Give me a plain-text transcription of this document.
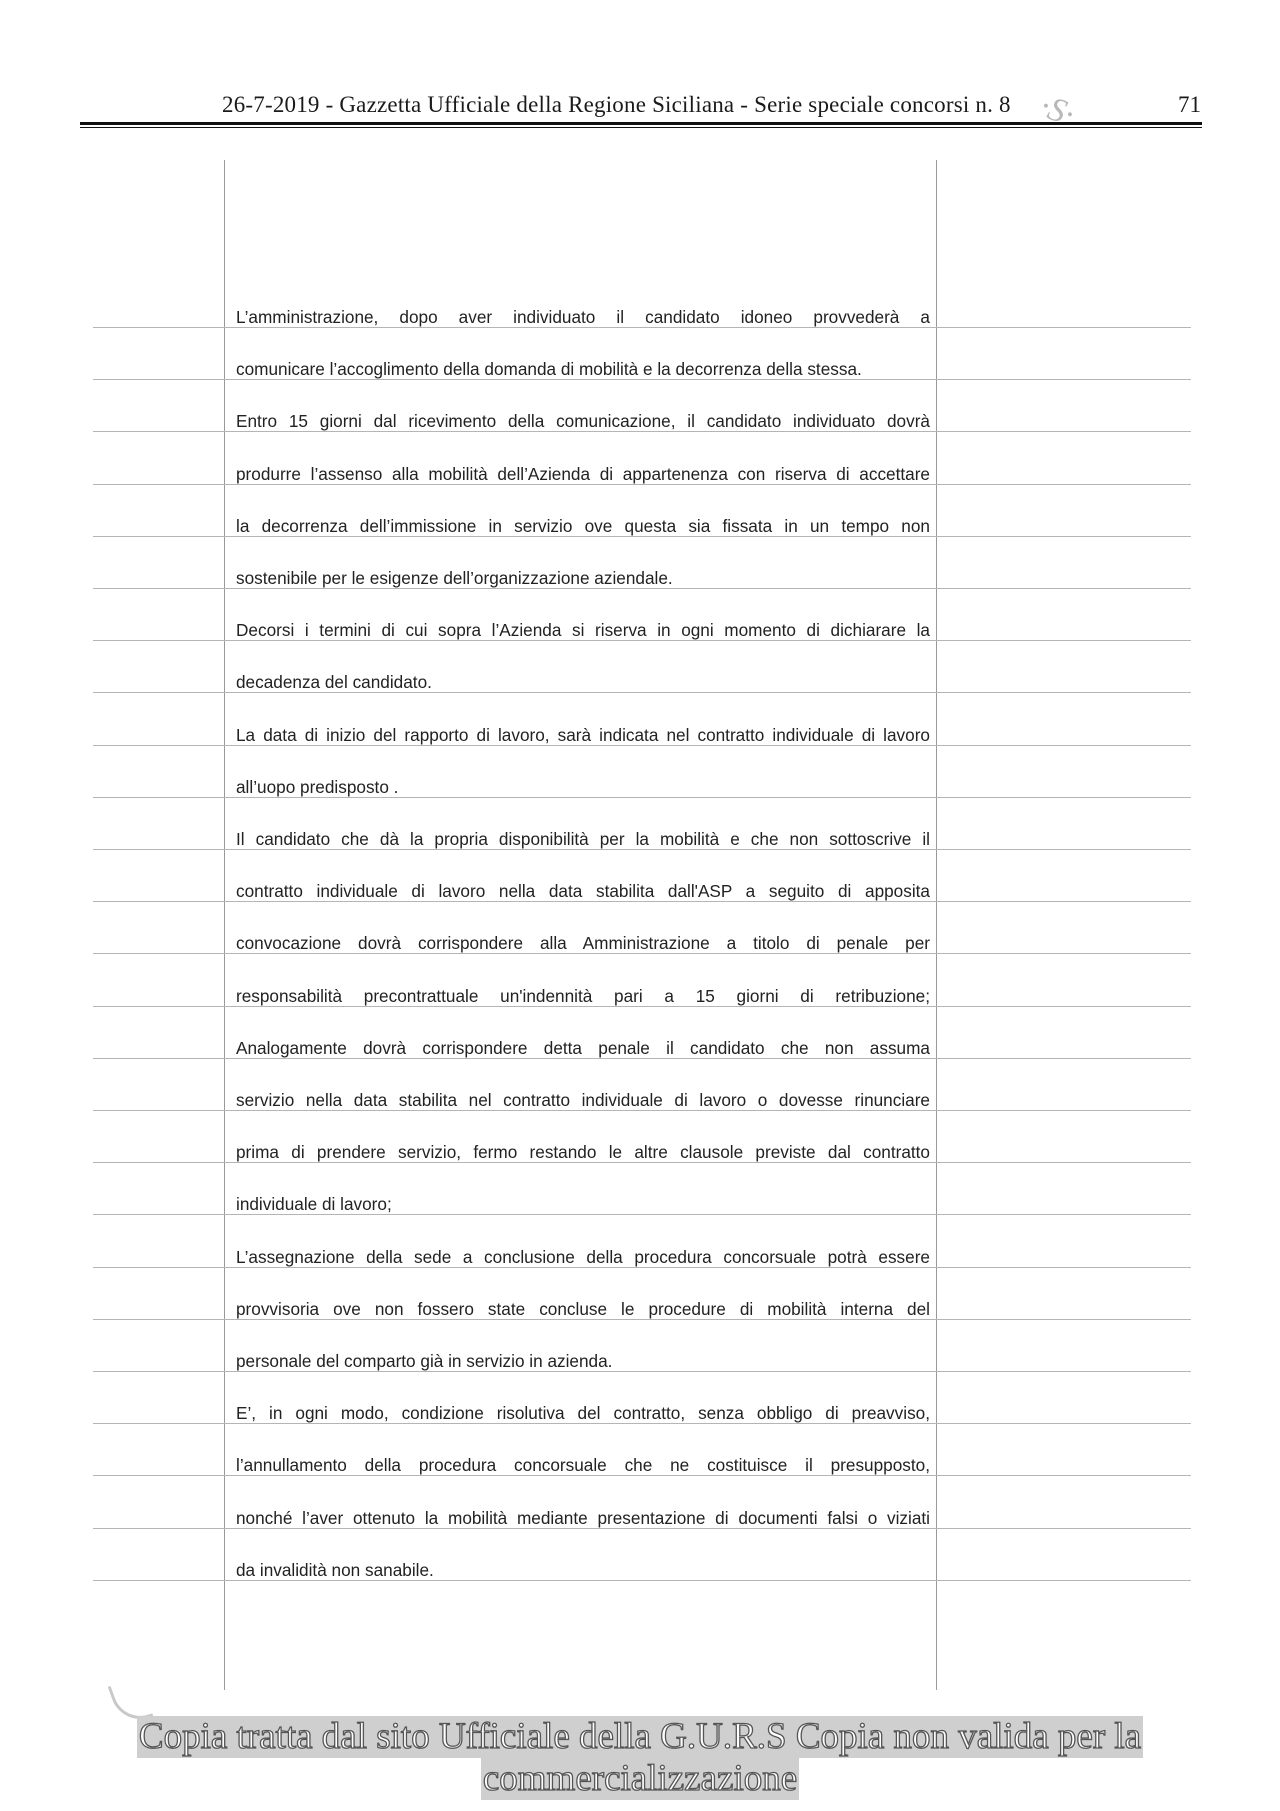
26-7-2019 - Gazzetta Ufficiale della Regione Siciliana - Serie speciale concorsi n. 8	71
·S·
L’amministrazione, dopo aver individuato il candidato idoneo provvederà a
comunicare l’accoglimento della domanda di mobilità e la decorrenza della stessa.
Entro 15 giorni dal ricevimento della comunicazione, il candidato individuato dovrà
produrre l’assenso alla mobilità dell’Azienda di appartenenza con riserva di accettare
la decorrenza dell’immissione in servizio ove questa sia fissata in un tempo non
sostenibile per le esigenze dell’organizzazione aziendale.
Decorsi i termini di cui sopra l’Azienda si riserva in ogni momento di dichiarare la
decadenza del candidato.
La data di inizio del rapporto di lavoro, sarà indicata nel contratto individuale di lavoro
all’uopo predisposto .
Il candidato che dà la propria disponibilità per la mobilità e che non sottoscrive il
contratto individuale di lavoro nella data stabilita dall'ASP a seguito di apposita
convocazione dovrà corrispondere alla Amministrazione a titolo di penale per
responsabilità precontrattuale un'indennità pari a 15 giorni di retribuzione;
Analogamente dovrà corrispondere detta penale il candidato che non assuma
servizio nella data stabilita nel contratto individuale di lavoro o dovesse rinunciare
prima di prendere servizio, fermo restando le altre clausole previste dal contratto
individuale di lavoro;
L’assegnazione della sede a conclusione della procedura concorsuale potrà essere
provvisoria ove non fossero state concluse le procedure di mobilità interna del
personale del comparto già in servizio in azienda.
E’, in ogni modo, condizione risolutiva del contratto, senza obbligo di preavviso,
l’annullamento della procedura concorsuale che ne costituisce il presupposto,
nonché l’aver ottenuto la mobilità mediante presentazione di documenti falsi o viziati
da invalidità non sanabile.
Copia tratta dal sito Ufficiale della G.U.R.S Copia non valida per la
commercializzazione
